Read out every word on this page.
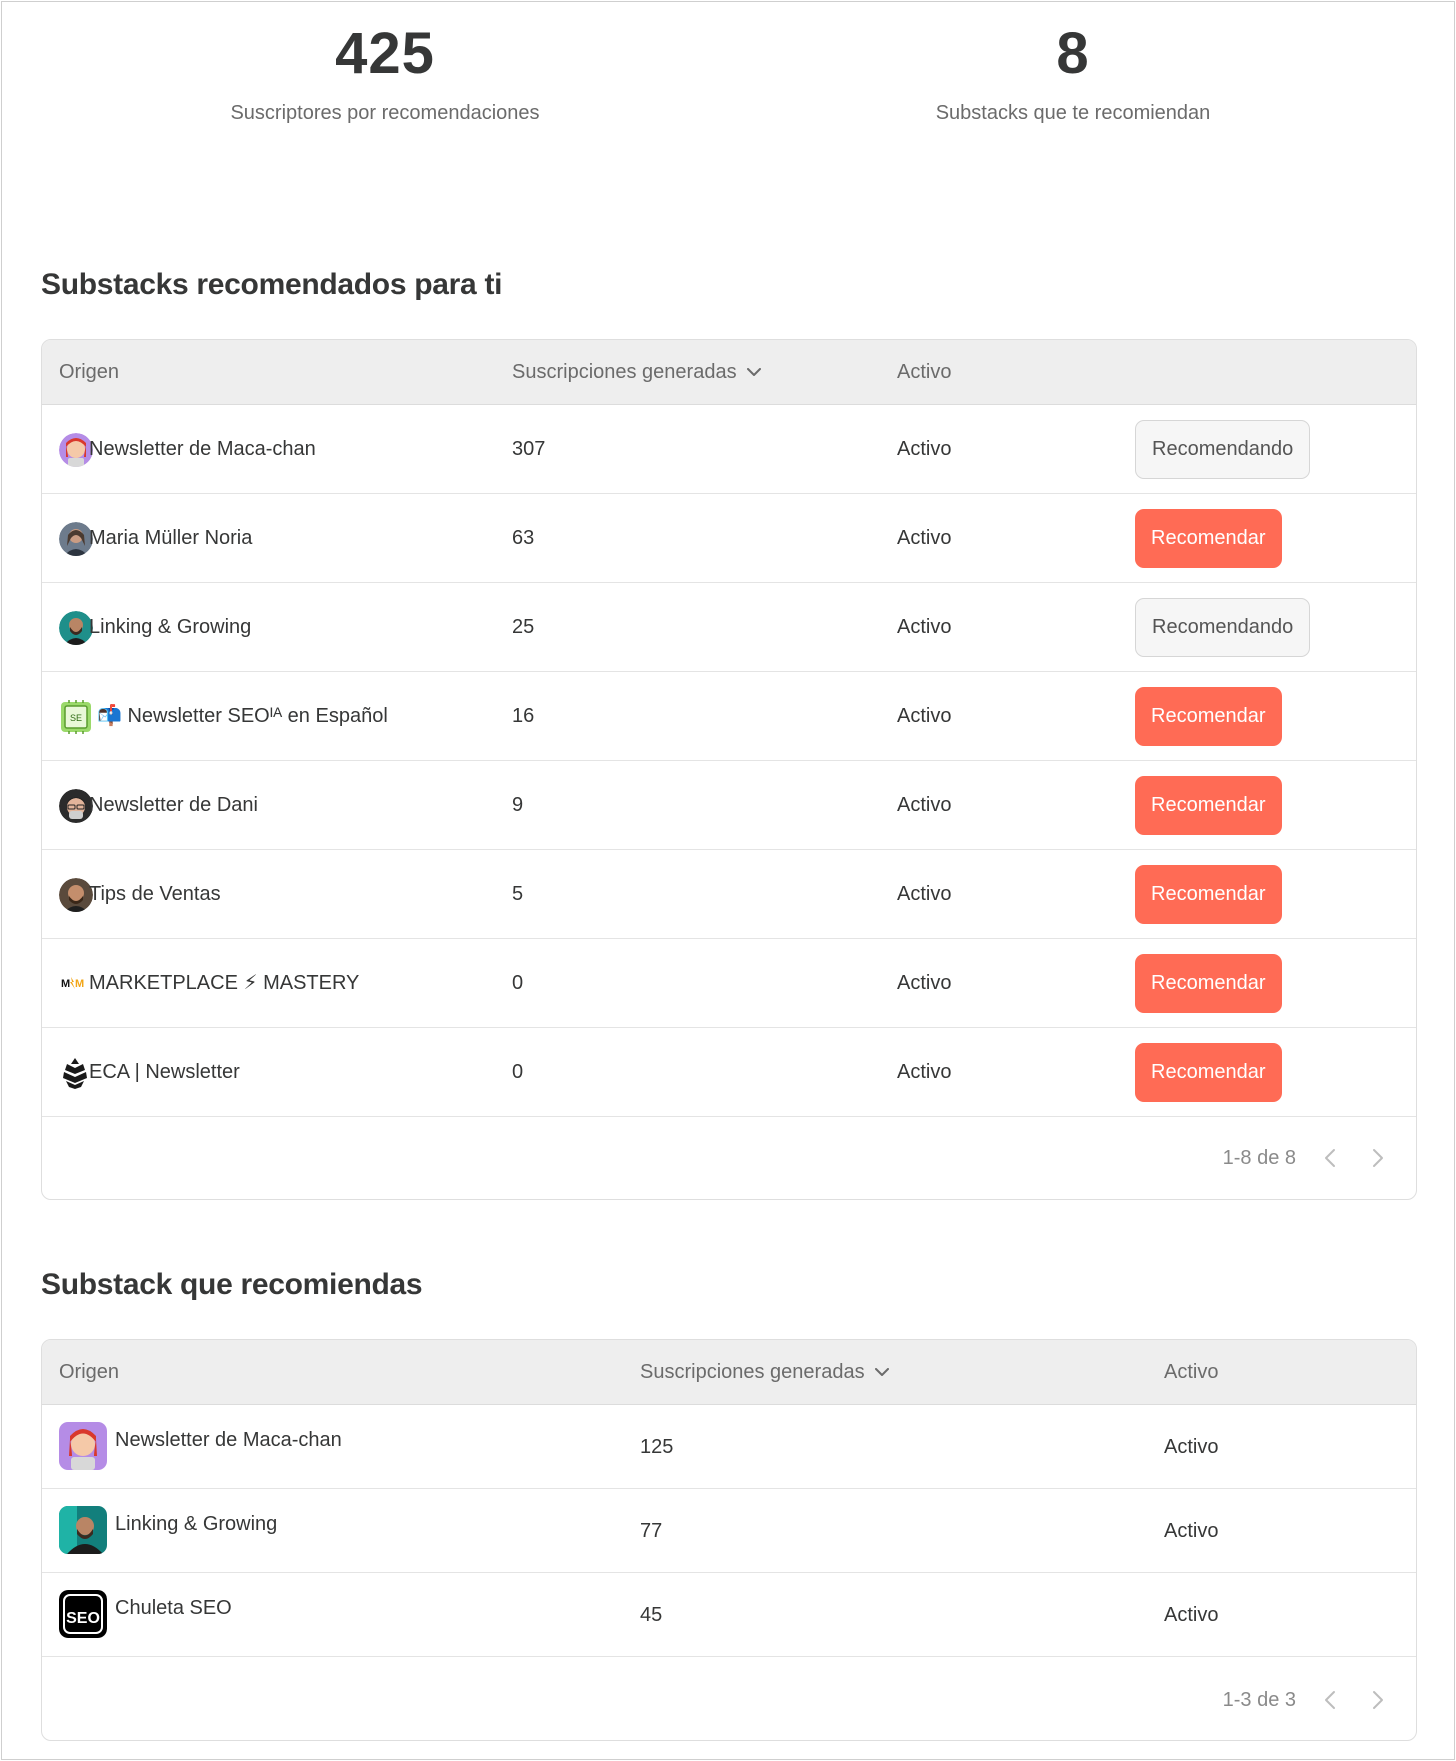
425
Suscriptores por recomendaciones
8
Substacks que te recomiendan
Substacks recomendados para ti
Origen	Suscripciones generadas	Activo
Newsletter de Maca-chan	307	Activo	Recomendando
Maria Müller Noria	63	Activo	Recomendar
Linking & Growing	25	Activo	Recomendando
SE 📬 Newsletter SEOᴵᴬ en Español	16	Activo	Recomendar
Newsletter de Dani	9	Activo	Recomendar
Tips de Ventas	5	Activo	Recomendar
M M MARKETPLACE ⚡ MASTERY	0	Activo	Recomendar
ECA | Newsletter	0	Activo	Recomendar
1-8 de 8
Substack que recomiendas
Origen	Suscripciones generadas	Activo
Newsletter de Maca-chan	125	Activo
Linking & Growing	77	Activo
SEO Chuleta SEO	45	Activo
1-3 de 3
